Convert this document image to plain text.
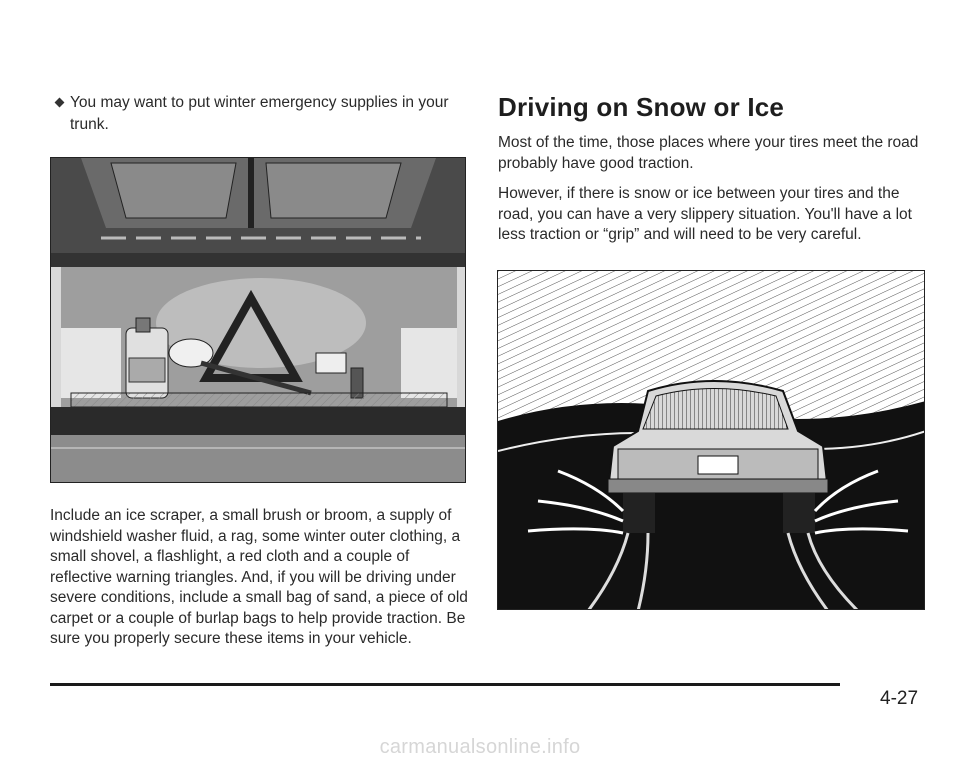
You may want to put winter emergency supplies in your trunk.

Include an ice scraper, a small brush or broom, a supply of windshield washer fluid, a rag, some winter outer clothing, a small shovel, a flashlight, a red cloth and a couple of reflective warning triangles. And, if you will be driving under severe conditions, include a small bag of sand, a piece of old carpet or a couple of burlap bags to help provide traction. Be sure you properly secure these items in your vehicle.

Driving on Snow or Ice

Most of the time, those places where your tires meet the road probably have good traction.

However, if there is snow or ice between your tires and the road, you can have a very slippery situation. You'll have a lot less traction or “grip” and will need to be very careful.

4-27
carmanualsonline.info
